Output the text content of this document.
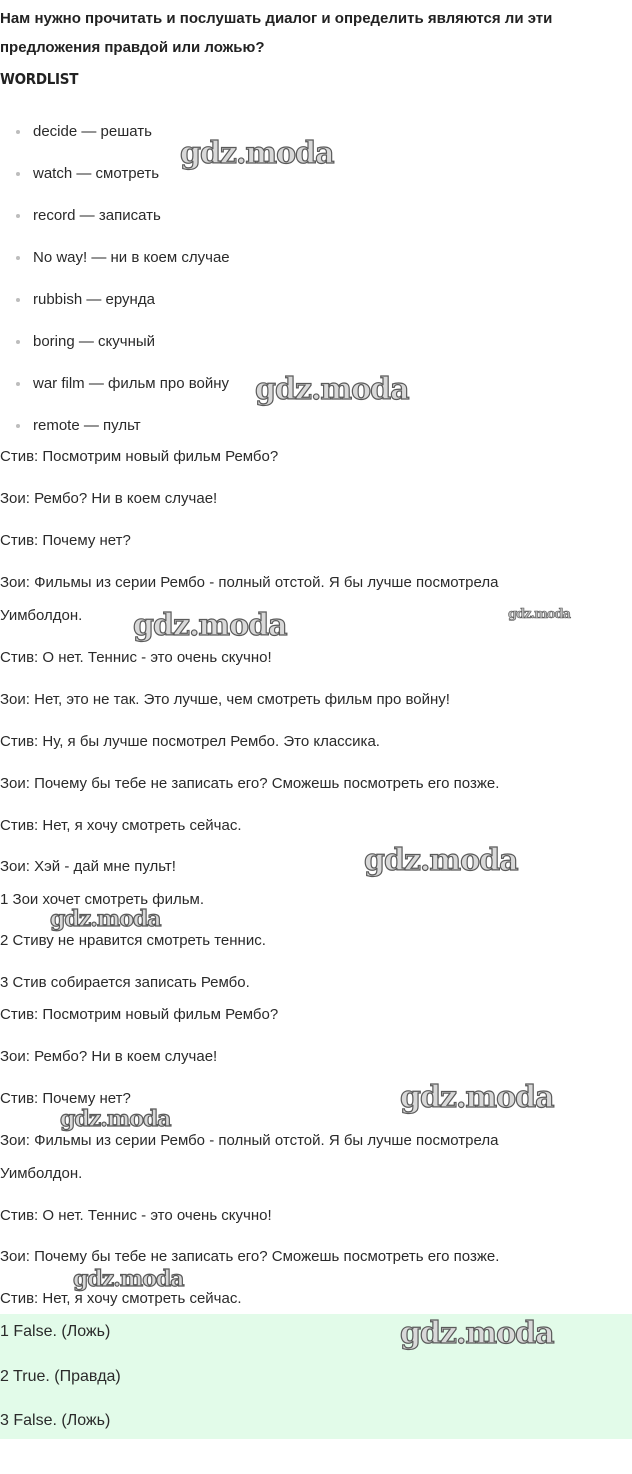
Нам нужно прочитать и послушать диалог и определить являются ли эти предложения правдой или ложью?
WORDLIST
decide — решать
watch — смотреть
record — записать
No way! — ни в коем случае
rubbish — ерунда
boring — скучный
war film — фильм про войну
remote — пульт
Стив: Посмотрим новый фильм Рембо?
Зои: Рембо? Ни в коем случае!
Стив: Почему нет?
Зои: Фильмы из серии Рембо - полный отстой. Я бы лучше посмотрела
Уимболдон.
Стив: О нет. Теннис - это очень скучно!
Зои: Нет, это не так. Это лучше, чем смотреть фильм про войну!
Стив: Ну, я бы лучше посмотрел Рембо. Это классика.
Зои: Почему бы тебе не записать его? Сможешь посмотреть его позже.
Стив: Нет, я хочу смотреть сейчас.
Зои: Хэй - дай мне пульт!
1 Зои хочет смотреть фильм.
2 Стиву не нравится смотреть теннис.
3 Стив собирается записать Рембо.
Стив: Посмотрим новый фильм Рембо?
Зои: Рембо? Ни в коем случае!
Стив: Почему нет?
Зои: Фильмы из серии Рембо - полный отстой. Я бы лучше посмотрела
Уимболдон.
Стив: О нет. Теннис - это очень скучно!
Зои: Почему бы тебе не записать его? Сможешь посмотреть его позже.
Стив: Нет, я хочу смотреть сейчас.
1 False. (Ложь)
2 True. (Правда)
3 False. (Ложь)
gdz.moda
gdz.moda
gdz.moda	gdz.moda
gdz.moda
gdz.moda
gdz.moda
gdz.moda
gdz.moda
gdz.moda
